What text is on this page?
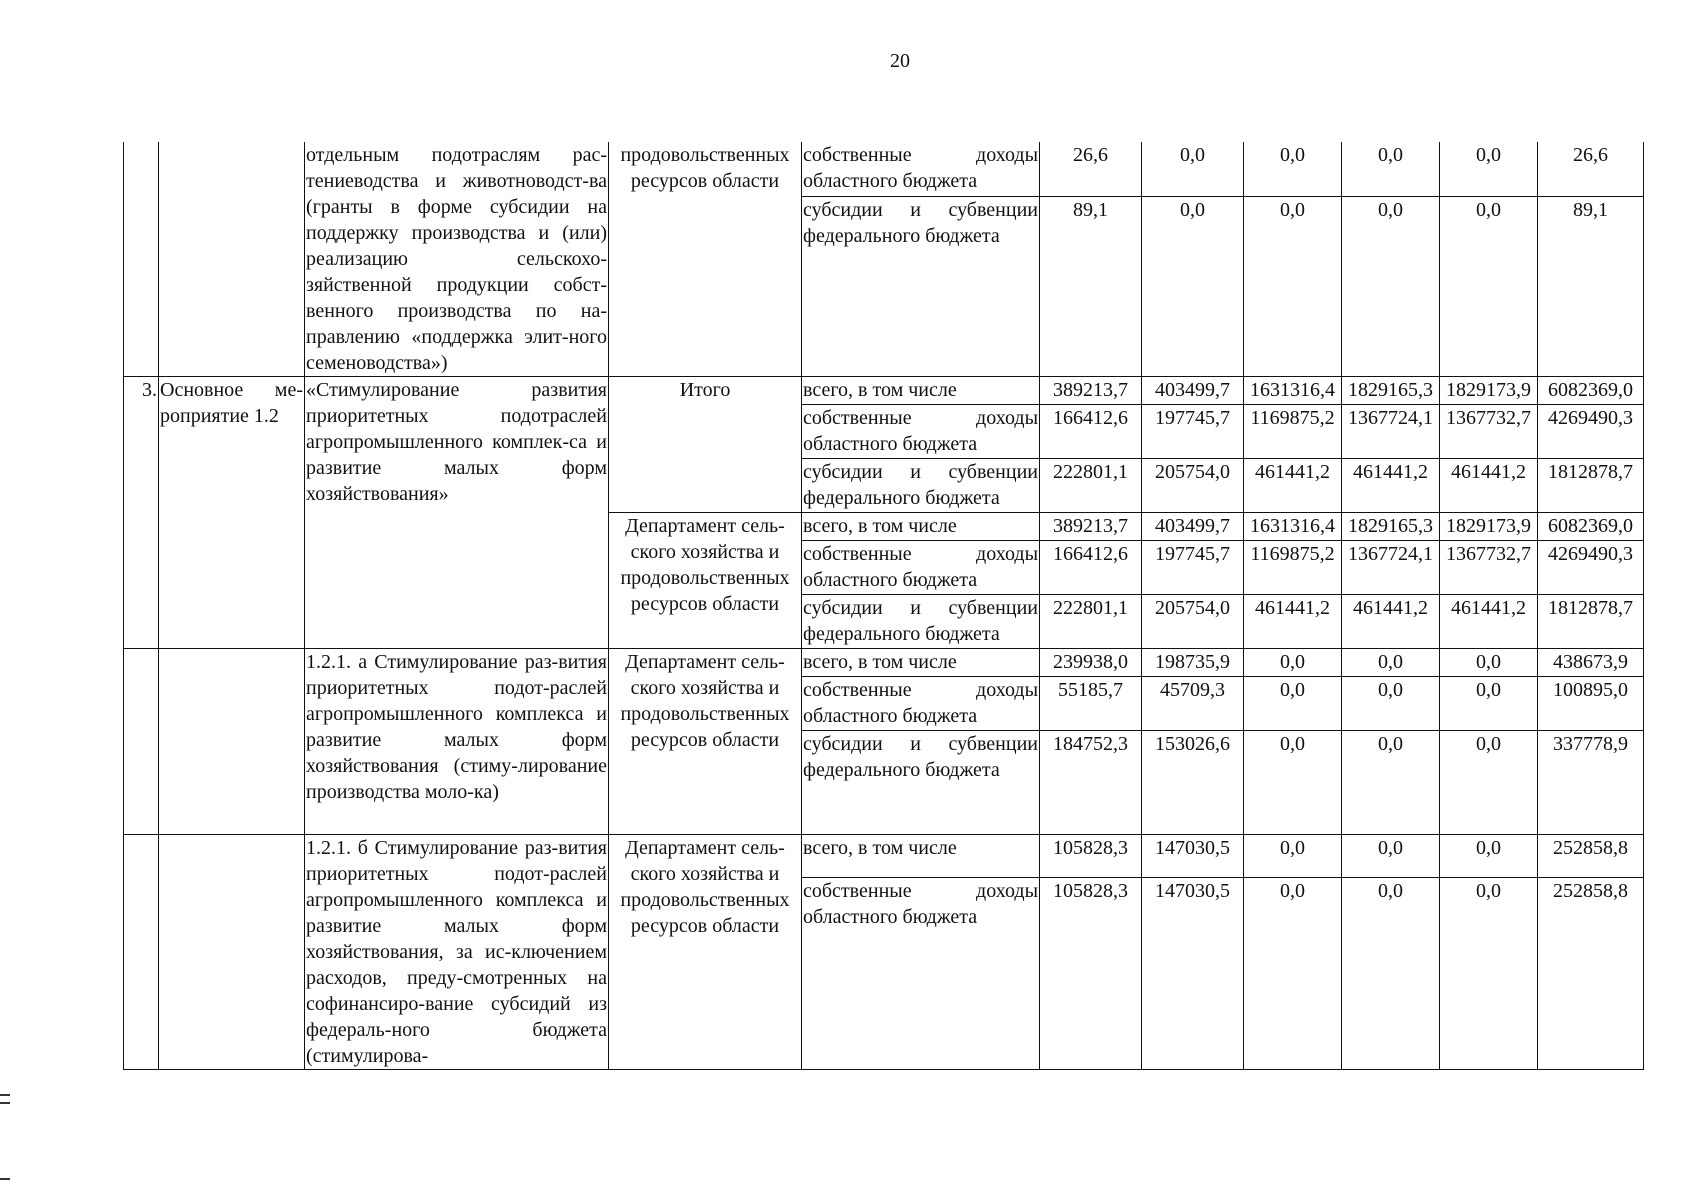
20
		отдельным подотраслям рас-тениеводства и животноводст-ва (гранты в форме субсидии на поддержку производства и (или) реализацию сельскохо-зяйственной продукции собст-венного производства по на-правлению «поддержка элит-ного семеноводства»)	продовольственных ресурсов области	собственные доходы областного бюджета	26,6	0,0	0,0	0,0	0,0	26,6
				субсидии и субвенции федерального бюджета	89,1	0,0	0,0	0,0	0,0	89,1
3.	Основное ме-роприятие 1.2	«Стимулирование развития приоритетных подотраслей агропромышленного комплек-са и развитие малых форм хозяйствования»	Итого	всего, в том числе	389213,7	403499,7	1631316,4	1829165,3	1829173,9	6082369,0
				собственные доходы областного бюджета	166412,6	197745,7	1169875,2	1367724,1	1367732,7	4269490,3
				субсидии и субвенции федерального бюджета	222801,1	205754,0	461441,2	461441,2	461441,2	1812878,7
			Департамент сель-ского хозяйства и продовольственных ресурсов области	всего, в том числе	389213,7	403499,7	1631316,4	1829165,3	1829173,9	6082369,0
				собственные доходы областного бюджета	166412,6	197745,7	1169875,2	1367724,1	1367732,7	4269490,3
				субсидии и субвенции федерального бюджета	222801,1	205754,0	461441,2	461441,2	461441,2	1812878,7
		1.2.1. а Стимулирование раз-вития приоритетных подот-раслей агропромышленного комплекса и развитие малых форм хозяйствования (стиму-лирование производства моло-ка)	Департамент сель-ского хозяйства и продовольственных ресурсов области	всего, в том числе	239938,0	198735,9	0,0	0,0	0,0	438673,9
				собственные доходы областного бюджета	55185,7	45709,3	0,0	0,0	0,0	100895,0
				субсидии и субвенции федерального бюджета	184752,3	153026,6	0,0	0,0	0,0	337778,9
		1.2.1. б Стимулирование раз-вития приоритетных подот-раслей агропромышленного комплекса и развитие малых форм хозяйствования, за ис-ключением расходов, преду-смотренных на софинансиро-вание субсидий из федераль-ного бюджета (стимулирова-	Департамент сель-ского хозяйства и продовольственных ресурсов области	всего, в том числе	105828,3	147030,5	0,0	0,0	0,0	252858,8
				собственные доходы областного бюджета	105828,3	147030,5	0,0	0,0	0,0	252858,8
